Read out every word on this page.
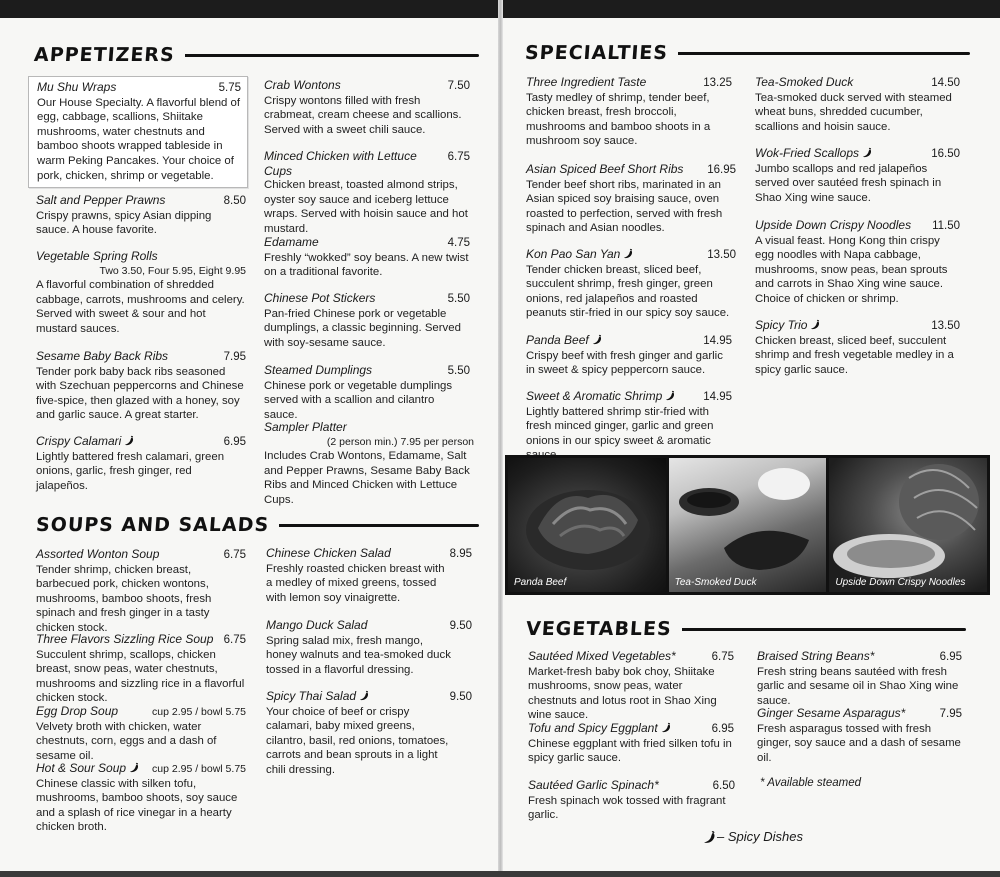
APPETIZERS
Mu Shu Wraps	5.75
Our House Specialty. A flavorful blend of egg, cabbage, scallions, Shiitake mushrooms, water chestnuts and bamboo shoots wrapped tableside in warm Peking Pancakes. Your choice of pork, chicken, shrimp or vegetable.
Salt and Pepper Prawns	8.50
Crispy prawns, spicy Asian dipping sauce. A house favorite.
Vegetable Spring Rolls
Two 3.50, Four 5.95, Eight 9.95
A flavorful combination of shredded cabbage, carrots, mushrooms and celery. Served with sweet & sour and hot mustard sauces.
Sesame Baby Back Ribs	7.95
Tender pork baby back ribs seasoned with Szechuan peppercorns and Chinese five-spice, then glazed with a honey, soy and garlic sauce. A great starter.
Crispy Calamari	6.95
Lightly battered fresh calamari, green onions, garlic, fresh ginger, red jalapeños.
Crab Wontons	7.50
Crispy wontons filled with fresh crabmeat, cream cheese and scallions. Served with a sweet chili sauce.
Minced Chicken with Lettuce Cups
6.75
Chicken breast, toasted almond strips, oyster soy sauce and iceberg lettuce wraps. Served with hoisin sauce and hot mustard.
Edamame	4.75
Freshly “wokked” soy beans. A new twist on a traditional favorite.
Chinese Pot Stickers	5.50
Pan-fried Chinese pork or vegetable dumplings, a classic beginning. Served with soy-sesame sauce.
Steamed Dumplings	5.50
Chinese pork or vegetable dumplings served with a scallion and cilantro sauce.
Sampler Platter
(2 person min.) 7.95 per person
Includes Crab Wontons, Edamame, Salt and Pepper Prawns, Sesame Baby Back Ribs and Minced Chicken with Lettuce Cups.
SOUPS AND SALADS
Assorted Wonton Soup	6.75
Tender shrimp, chicken breast, barbecued pork, chicken wontons, mushrooms, bamboo shoots, fresh spinach and fresh ginger in a tasty chicken stock.
Three Flavors Sizzling Rice Soup 6.75
Succulent shrimp, scallops, chicken breast, snow peas, water chestnuts, mushrooms and sizzling rice in a flavorful chicken stock.
Egg Drop Soup	cup 2.95 / bowl 5.75
Velvety broth with chicken, water chestnuts, corn, eggs and a dash of sesame oil.
Hot & Sour Soup	cup 2.95 / bowl 5.75
Chinese classic with silken tofu, mushrooms, bamboo shoots, soy sauce and a splash of rice vinegar in a hearty chicken broth.
Chinese Chicken Salad	8.95
Freshly roasted chicken breast with a medley of mixed greens, tossed with lemon soy vinaigrette.
Mango Duck Salad	9.50
Spring salad mix, fresh mango, honey walnuts and tea-smoked duck tossed in a flavorful dressing.
Spicy Thai Salad	9.50
Your choice of beef or crispy calamari, baby mixed greens, cilantro, basil, red onions, tomatoes, carrots and bean sprouts in a light chili dressing.
SPECIALTIES
Three Ingredient Taste	13.25
Tasty medley of shrimp, tender beef, chicken breast, fresh broccoli, mushrooms and bamboo shoots in a mushroom soy sauce.
Asian Spiced Beef Short Ribs 16.95
Tender beef short ribs, marinated in an Asian spiced soy braising sauce, oven roasted to perfection, served with fresh spinach and Asian noodles.
Kon Pao San Yan	13.50
Tender chicken breast, sliced beef, succulent shrimp, fresh ginger, green onions, red jalapeños and roasted peanuts stir-fried in our spicy soy sauce.
Panda Beef	14.95
Crispy beef with fresh ginger and garlic in sweet & spicy peppercorn sauce.
Sweet & Aromatic Shrimp	14.95
Lightly battered shrimp stir-fried with fresh minced ginger, garlic and green onions in our spicy sweet & aromatic
Tea-Smoked Duck	14.50
Tea-smoked duck served with steamed wheat buns, shredded cucumber, scallions and hoisin sauce.
Wok-Fried Scallops	16.50
Jumbo scallops and red jalapeños served over sautéed fresh spinach in Shao Xing wine sauce.
Upside Down Crispy Noodles 11.50
A visual feast. Hong Kong thin crispy egg noodles with Napa cabbage, mushrooms, snow peas, bean sprouts and carrots in Shao Xing wine sauce. Choice of chicken or shrimp.
Spicy Trio	13.50
Chicken breast, sliced beef, succulent shrimp and fresh vegetable medley in a spicy garlic sauce.
Panda Beef	Tea-Smoked Duck	Upside Down Crispy Noodles
VEGETABLES
Sautéed Mixed Vegetables*	6.75
Market-fresh baby bok choy, Shiitake mushrooms, snow peas, water chestnuts and lotus root in Shao Xing wine sauce.
Tofu and Spicy Eggplant	6.95
Chinese eggplant with fried silken tofu in spicy garlic sauce.
Sautéed Garlic Spinach*	6.50
Fresh spinach wok tossed with fragrant garlic.
Braised String Beans*	6.95
Fresh string beans sautéed with fresh garlic and sesame oil in Shao Xing wine sauce.
Ginger Sesame Asparagus*	7.95
Fresh asparagus tossed with fresh ginger, soy sauce and a dash of sesame oil.
* Available steamed
– Spicy Dishes
